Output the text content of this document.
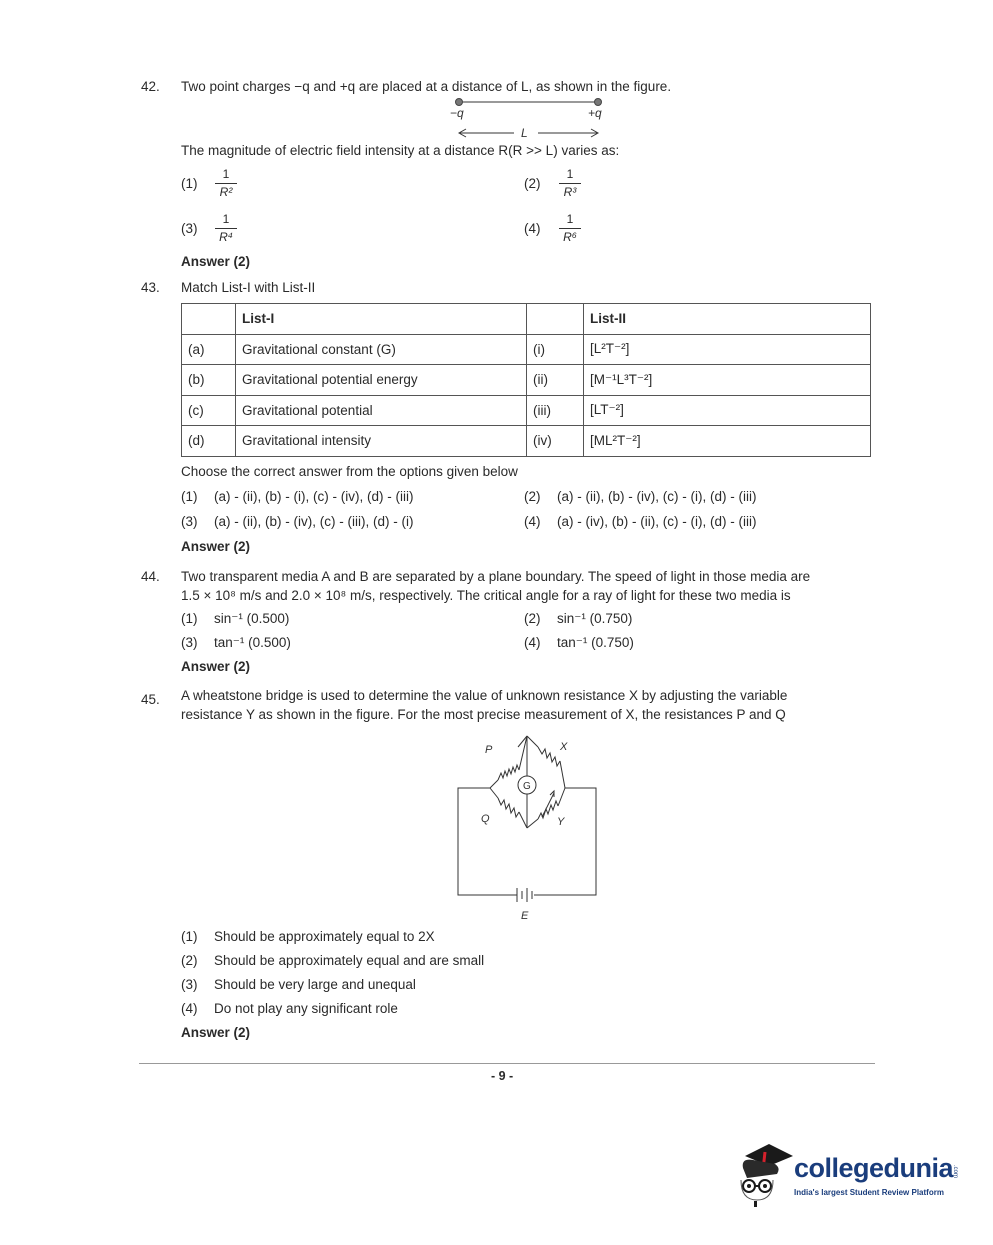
42. Two point charges −q and +q are placed at a distance of L, as shown in the figure.
−q	+q
L
The magnitude of electric field intensity at a distance R(R >> L) varies as:
(1)
1
R²
(2)
1
R³
(3)
1
R⁴
(4)
1
R⁶
Answer (2)
43. Match List-I with List-II
	List-I		List-II
(a)	Gravitational constant (G)	(i)	[L²T⁻²]
(b)	Gravitational potential energy	(ii)	[M⁻¹L³T⁻²]
(c)	Gravitational potential	(iii)	[LT⁻²]
(d)	Gravitational intensity	(iv)	[ML²T⁻²]
Choose the correct answer from the options given below
(1) (a) - (ii), (b) - (i), (c) - (iv), (d) - (iii)	(2) (a) - (ii), (b) - (iv), (c) - (i), (d) - (iii)
(3) (a) - (ii), (b) - (iv), (c) - (iii), (d) - (i)	(4) (a) - (iv), (b) - (ii), (c) - (i), (d) - (iii)
Answer (2)
44. Two transparent media A and B are separated by a plane boundary. The speed of light in those media are
1.5 × 10⁸ m/s and 2.0 × 10⁸ m/s, respectively. The critical angle for a ray of light for these two media is
(1) sin⁻¹ (0.500)	(2) sin⁻¹ (0.750)
(3) tan⁻¹ (0.500)	(4) tan⁻¹ (0.750)
Answer (2)
45. A wheatstone bridge is used to determine the value of unknown resistance X by adjusting the variable
resistance Y as shown in the figure. For the most precise measurement of X, the resistances P and Q
P	X
Q	Y
G
E
(1) Should be approximately equal to 2X
(2) Should be approximately equal and are small
(3) Should be very large and unequal
(4) Do not play any significant role
Answer (2)
- 9 -
collegedunia
.com
India's largest Student Review Platform
